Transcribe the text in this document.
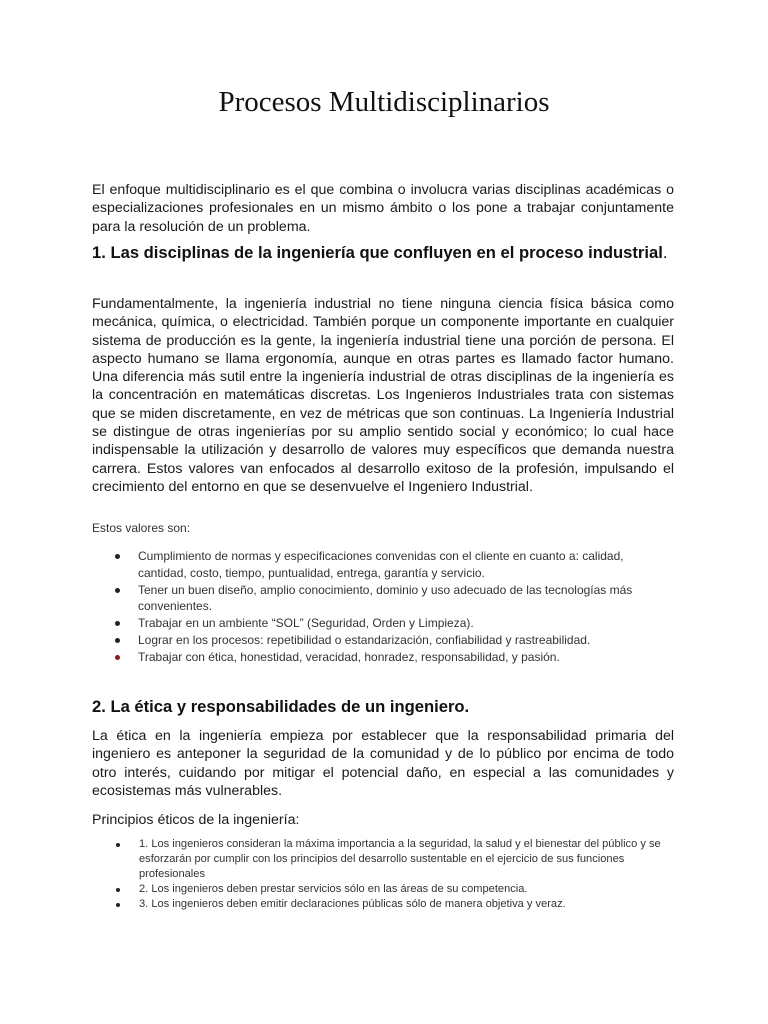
Procesos Multidisciplinarios

El enfoque multidisciplinario es el que combina o involucra varias disciplinas académicas o especializaciones profesionales en un mismo ámbito o los pone a trabajar conjuntamente para la resolución de un problema.

1. Las disciplinas de la ingeniería que confluyen en el proceso industrial.

Fundamentalmente, la ingeniería industrial no tiene ninguna ciencia física básica como mecánica, química, o electricidad. También porque un componente importante en cualquier sistema de producción es la gente, la ingeniería industrial tiene una porción de persona. El aspecto humano se llama ergonomía, aunque en otras partes es llamado factor humano. Una diferencia más sutil entre la ingeniería industrial de otras disciplinas de la ingeniería es la concentración en matemáticas discretas. Los Ingenieros Industriales trata con sistemas que se miden discretamente, en vez de métricas que son continuas. La Ingeniería Industrial se distingue de otras ingenierías por su amplio sentido social y económico; lo cual hace indispensable la utilización y desarrollo de valores muy específicos que demanda nuestra carrera. Estos valores van enfocados al desarrollo exitoso de la profesión, impulsando el crecimiento del entorno en que se desenvuelve el Ingeniero Industrial.

Estos valores son:

Cumplimiento de normas y especificaciones convenidas con el cliente en cuanto a: calidad, cantidad, costo, tiempo, puntualidad, entrega, garantía y servicio.
Tener un buen diseño, amplio conocimiento, dominio y uso adecuado de las tecnologías más convenientes.
Trabajar en un ambiente “SOL” (Seguridad, Orden y Limpieza).
Lograr en los procesos: repetibilidad o estandarización, confiabilidad y rastreabilidad.
Trabajar con ética, honestidad, veracidad, honradez, responsabilidad, y pasión.
2. La ética y responsabilidades de un ingeniero.

La ética en la ingeniería empieza por establecer que la responsabilidad primaria del ingeniero es anteponer la seguridad de la comunidad y de lo público por encima de todo otro interés, cuidando por mitigar el potencial daño, en especial a las comunidades y ecosistemas más vulnerables.

Principios éticos de la ingeniería:

1. Los ingenieros consideran la máxima importancia a la seguridad, la salud y el bienestar del público y se esforzarán por cumplir con los principios del desarrollo sustentable en el ejercicio de sus funciones profesionales
2. Los ingenieros deben prestar servicios sólo en las áreas de su competencia.
3. Los ingenieros deben emitir declaraciones públicas sólo de manera objetiva y veraz.
